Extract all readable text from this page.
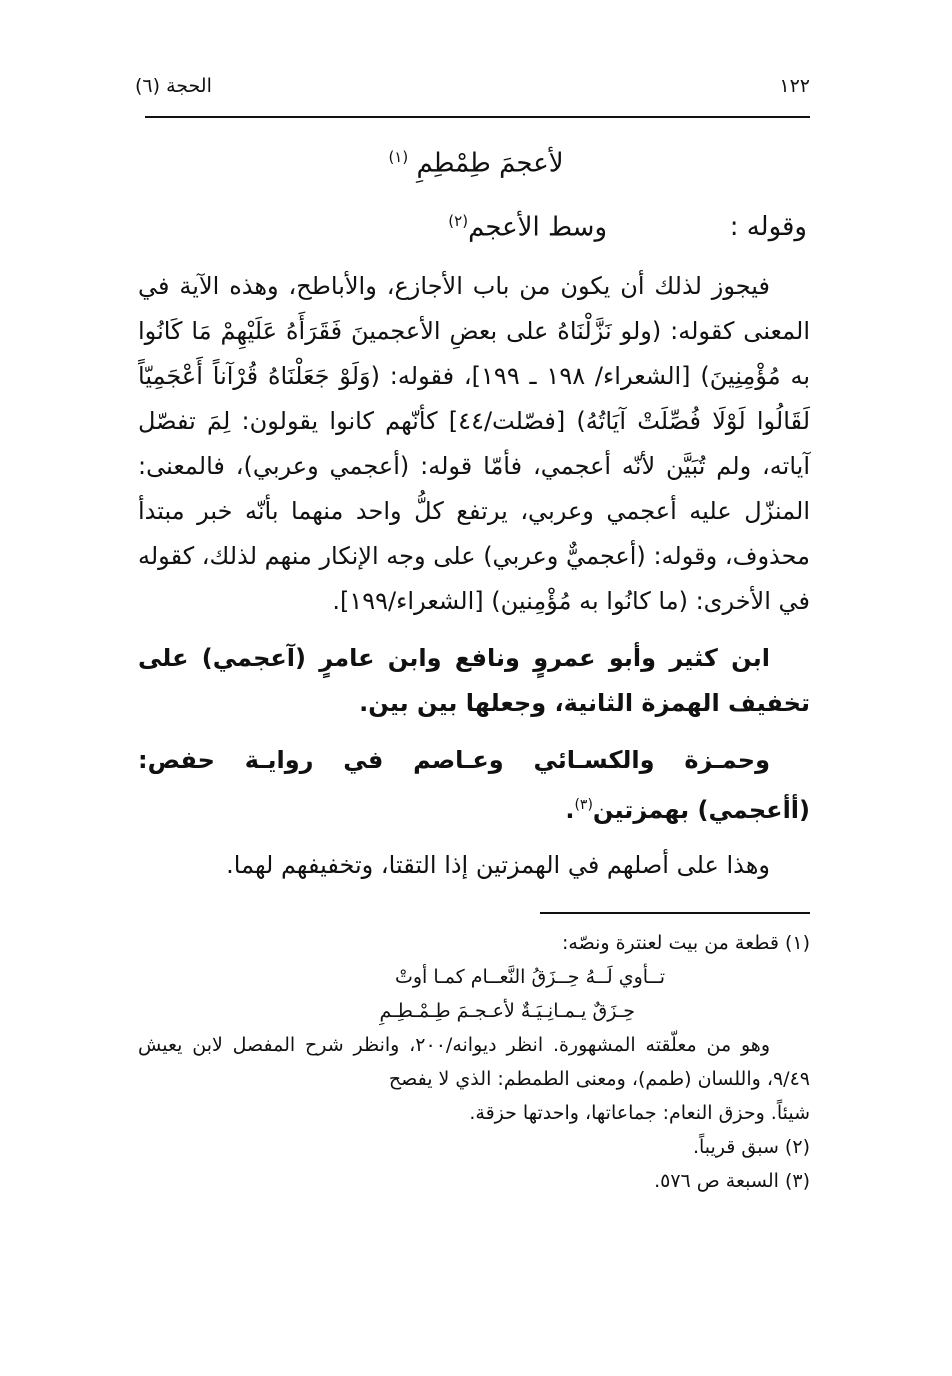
١٢٢
الحجة (٦)
لأعجمَ طِمْطِمِ $^{(١)}$
وقوله :
وسط الأعجم$^{(٢)}$

فيجوز لذلك أن يكون من باب الأجازع، والأباطح، وهذه الآية في المعنى كقوله: (ولو نَزَّلْنَاهُ على بعضِ الأعجمينَ فَقَرَأَهُ عَلَيْهِمْ مَا كَانُوا به مُؤْمِنِينَ) [الشعراء/ ١٩٨ ـ ١٩٩]، فقوله: (وَلَوْ جَعَلْنَاهُ قُرْآناً أَعْجَمِيّاً لَقَالُوا لَوْلَا فُصِّلَتْ آيَاتُهُ) [فصّلت/٤٤] كأنّهم كانوا يقولون: لِمَ تفصّل آياته، ولم تُبَيَّن لأنّه أعجمي، فأمّا قوله: (أعجمي وعربي)، فالمعنى: المنزّل عليه أعجمي وعربي، يرتفع كلُّ واحد منهما بأنّه خبر مبتدأ محذوف، وقوله: (أعجميٌّ وعربي) على وجه الإنكار منهم لذلك، كقوله في الأخرى: (ما كانُوا به مُؤْمِنين) [الشعراء/١٩٩].

ابن كثير وأبو عمروٍ ونافع وابن عامرٍ (آعجمي) على تخفيف الهمزة الثانية، وجعلها بين بين.

وحمـزة والكسـائي وعـاصم في روايـة حفص: (أأعجمي) بهمزتين$^{(٣)}$.

وهذا على أصلهم في الهمزتين إذا التقتا، وتخفيفهم لهما.

(١) قطعة من بيت لعنترة ونصّه:

تــأوي لَــهُ حِــزَقُ النَّعــام كمـا أوتْ

حِـزَقٌ يـمـانِـيَـةٌ لأعـجـمَ طِـمْـطِـمِ

وهو من معلّقته المشهورة. انظر ديوانه/٢٠٠، وانظر شرح المفصل لابن يعيش ٩/٤٩، واللسان (طمم)، ومعنى الطمطم: الذي لا يفصح

شيئاً. وحزق النعام: جماعاتها، واحدتها حزقة.

(٢) سبق قريباً.

(٣) السبعة ص ٥٧٦.
